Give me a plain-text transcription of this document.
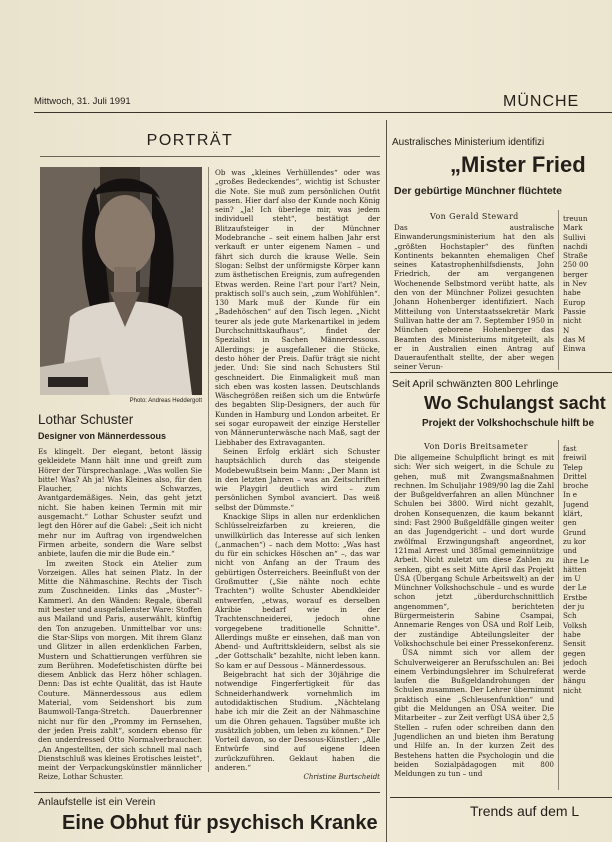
Mittwoch, 31. Juli 1991	MÜNCHE
PORTRÄT
Photo: Andreas Heddergott
Lothar Schuster
Designer von Männerdessous

Es klingelt. Der elegant, betont lässig gekleidete Mann hält inne und greift zum Hörer der Türsprechanlage. „Was wollen Sie bitte! Was? Ah ja! Was Kleines also, für den Flaucher, nichts Schwarzes, Avantgardemäßiges. Nein, das geht jetzt nicht. Sie haben keinen Termin mit mir ausgemacht.“ Lothar Schuster seufzt und legt den Hörer auf die Gabel: „Seit ich nicht mehr nur im Auftrag von irgendwelchen Firmen arbeite, sondern die Ware selbst anbiete, laufen die mir die Bude ein.“

Im zweiten Stock ein Atelier zum Vorzeigen. Alles hat seinen Platz. In der Mitte die Nähmaschine. Rechts der Tisch zum Zuschneiden. Links das „Muster“-Kammerl. An den Wänden: Regale, überall mit bester und ausgefallenster Ware: Stoffen aus Mailand und Paris, auserwählt, künftig den Ton anzugeben. Unmittelbar vor uns: die Star-Slips von morgen. Mit ihrem Glanz und Glitzer in allen erdenklichen Farben, Mustern und Schattierungen verführen sie zum Berühren. Modefetischisten dürfte bei diesem Anblick das Herz höher schlagen. Denn: Das ist echte Qualität, das ist Haute Couture. Männerdessous aus edlem Material, vom Seidenshort bis zum Baumwoll-Tanga-Stretch. Dauerbrenner nicht nur für den „Prommy im Fernsehen, der jeden Preis zahlt“, sondern ebenso für den underdressed Otto Normalverbraucher. „An Angestellten, der sich schnell mal nach Dienstschluß was kleines Erotisches leistet“, meint der Verpackungskünstler männlicher Reize, Lothar Schuster.

Ob was „kleines Verhüllendes“ oder was „großes Bedeckendes“, wichtig ist Schuster die Note. Sie muß zum persönlichen Outfit passen. Hier darf also der Kunde noch König sein? „Ja! Ich überlege mir, was jedem individuell steht“, bestätigt der Blitzaufsteiger in der Münchner Modebranche – seit einem halben Jahr erst verkauft er unter eigenem Namen – und fährt sich durch die krause Welle. Sein Slogan: Selbst der unförmigste Körper kann zum ästhetischen Ereignis, zum aufregenden Etwas werden. Reine l'art pour l'art? Nein, praktisch soll's auch sein, „zum Wohlfühlen“. 130 Mark muß der Kunde für ein „Badehöschen“ auf den Tisch legen. „Nicht teurer als jede gute Markenartikel in jedem Durchschnittskaufhaus“, findet der Spezialist in Sachen Männerdessous. Allerdings: je ausgefallener die Stücke, desto höher der Preis. Dafür trägt sie nicht jeder. Und: Sie sind nach Schusters Stil geschneidert. Die Einmaligkeit muß man sich eben was kosten lassen. Deutschlands Wäschegrößen reißen sich um die Entwürfe des begabten Slip-Designers, der auch für Kunden in Hamburg und London arbeitet. Er sei sogar europaweit der einzige Hersteller von Männerunterwäsche nach Maß, sagt der Liebhaber des Extravaganten.

Seinen Erfolg erklärt sich Schuster hauptsächlich durch das steigende Modebewußtsein beim Mann: „Der Mann ist in den letzten Jahren – was an Zeitschriften wie Playgirl deutlich wird – zum persönlichen Symbol avanciert. Das weiß selbst der Dümmste.“

Knackige Slips in allen nur erdenklichen Schlüsselreizfarben zu kreieren, die unwillkürlich das Interesse auf sich lenken („anmachen“) – nach dem Motto: „Was hast du für ein schickes Höschen an“ –, das war nicht von Anfang an der Traum des gebürtigen Österreichers. Beeinflußt von der Großmutter („Sie nähte noch echte Trachten“) wollte Schuster Abendkleider entwerfen, „etwas, worauf es derselben Akribie bedarf wie in der Trachtenschneiderei, jedoch ohne vorgegebene traditionelle Schnitte“. Allerdings mußte er einsehen, daß man von Abend- und Auftrittskleidern, selbst als sie „der Gottschalk“ bezahlte, nicht leben kann. So kam er auf Dessous – Männerdessous.

Beigebracht hat sich der 30jährige die notwendige Fingerfertigkeit für das Schneiderhandwerk vornehmlich im autodidaktischen Studium. „Nächtelang habe ich mir die Zeit an der Nähmaschine um die Ohren gehauen. Tagsüber mußte ich zusätzlich jobben, um leben zu können.“ Der Vorteil davon, so der Dessous-Künstler: „Alle Entwürfe sind auf eigene Ideen zurückzuführen. Geklaut haben die anderen.“

Christine Burtscheidt
Anlaufstelle ist ein Verein
Eine Obhut für psychisch Kranke
Australisches Ministerium identifizi
„Mister Fried
Der gebürtige Münchner flüchtete
Von Gerald Steward

Das australische Einwanderungsministerium hat den als „größten Hochstapler“ des fünften Kontinents bekannten ehemaligen Chef seines Katastrophenhilfsdiensts, John Friedrich, der am vergangenen Wochenende Selbstmord verübt hatte, als den von der Münchner Polizei gesuchten Johann Hohenberger identifiziert. Nach Mitteilung von Unterstaatssekretär Mark Sullivan hatte der am 7. September 1950 in München geborene Hohenberger das Beamten des Ministeriums mitgeteilt, als er in Australien einen Antrag auf Daueraufenthalt stellte, der aber wegen seiner Verun-

treuun

Mark

Sullivi

nachdi

Straße

250 00

berger

in Nev

habe

Europ

Passie

nicht

N

das M

Einwa

Seit April schwänzten 800 Lehrlinge
Wo Schulangst sacht
Projekt der Volkshochschule hilft be
Von Doris Breitsameter

Die allgemeine Schulpflicht bringt es mit sich: Wer sich weigert, in die Schule zu gehen, muß mit Zwangsmaßnahmen rechnen. Im Schuljahr 1989/90 lag die Zahl der Bußgeldverfahren an allen Münchner Schulen bei 3800. Wird nicht gezahlt, drohen Konsequenzen, die kaum bekannt sind: Fast 2900 Bußgeldfälle gingen weiter an das Jugendgericht – und dort wurde zwölfmal Erzwingungshaft angeordnet, 121mal Arrest und 385mal gemeinnützige Arbeit. Nicht zuletzt um diese Zahlen zu senken, gibt es seit Mitte April das Projekt ÜSA (Übergang Schule Arbeitswelt) an der Münchner Volkshochschule – und es wurde schon jetzt „überdurchschnittlich angenommen“, berichteten Bürgermeisterin Sabine Csampai, Annemarie Renges von ÜSA und Rolf Leib, der zuständige Abteilungsleiter der Volkshochschule bei einer Pressekonferenz.

ÜSA nimmt sich vor allem der Schulverweigerer an Berufsschulen an: Bei einem Verbindungslehrer im Schulreferat laufen die Bußgeldandrohungen der Schulen zusammen. Der Lehrer übernimmt praktisch eine „Schleusenfunktion“ und gibt die Meldungen an ÜSA weiter. Die Mitarbeiter – zur Zeit verfügt USA über 2,5 Stellen – rufen oder schreiben dann den Jugendlichen an und bieten ihm Beratung und Hilfe an. In der kurzen Zeit des Bestehens hatten die Psychologin und die beiden Sozialpädagogen mit 800 Meldungen zu tun – und

fast

freiwil

Telep

Drittel

broche

In e

Jugend

klärt,

gen

Grund

zu kor

und

ihre Le

hätten

im U

der Le

Erstbe

der ju

Sch

Volksh

habe

Sensit

gegen

jedoch

werde

hängu

nicht

Trends auf dem L
